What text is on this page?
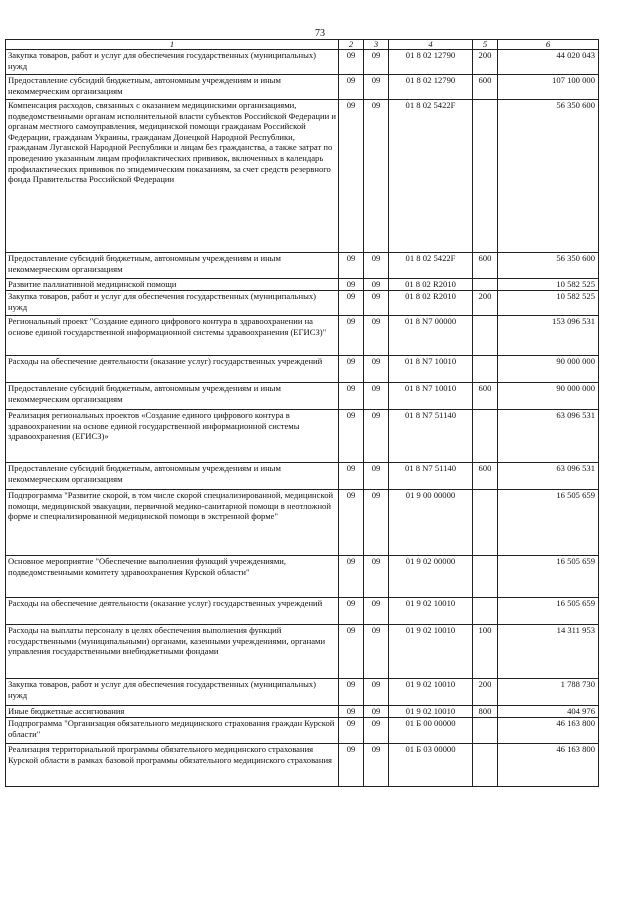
73
1	2	3	4	5	6
Закупка товаров, работ и услуг для обеспечения государственных (муниципальных) нужд	09	09	01 8 02 12790	200	44 020 043
Предоставление субсидий бюджетным, автономным учреждениям и иным некоммерческим организациям	09	09	01 8 02 12790	600	107 100 000
Компенсация расходов, связанных с оказанием медицинскими организациями, подведомственными органам исполнительной власти субъектов Российской Федерации и органам местного самоуправления, медицинской помощи гражданам Российской Федерации, гражданам Украины, гражданам Донецкой Народной Республики, гражданам Луганской Народной Республики и лицам без гражданства, а также затрат по проведению указанным лицам профилактических прививок, включенных в календарь профилактических прививок по эпидемическим показаниям, за счет средств резервного фонда Правительства Российской Федерации	09	09	01 8 02 5422F		56 350 600
Предоставление субсидий бюджетным, автономным учреждениям и иным некоммерческим организациям	09	09	01 8 02 5422F	600	56 350 600
Развитие паллиативной медицинской помощи	09	09	01 8 02 R2010		10 582 525
Закупка товаров, работ и услуг для обеспечения государственных (муниципальных) нужд	09	09	01 8 02 R2010	200	10 582 525
Региональный проект "Создание единого цифрового контура в здравоохранении на основе единой государственной информационной системы здравоохранения (ЕГИСЗ)"	09	09	01 8 N7 00000		153 096 531
Расходы на обеспечение деятельности (оказание услуг) государственных учреждений	09	09	01 8 N7 10010		90 000 000
Предоставление субсидий бюджетным, автономным учреждениям и иным некоммерческим организациям	09	09	01 8 N7 10010	600	90 000 000
Реализация региональных проектов «Создание единого цифрового контура в здравоохранении на основе единой государственной информационной системы здравоохранения (ЕГИСЗ)»	09	09	01 8 N7 51140		63 096 531
Предоставление субсидий бюджетным, автономным учреждениям и иным некоммерческим организациям	09	09	01 8 N7 51140	600	63 096 531
Подпрограмма "Развитие скорой, в том числе скорой специализированной, медицинской помощи, медицинской эвакуации, первичной медико-санитарной помощи в неотложной форме и специализированной медицинской помощи в экстренной форме"	09	09	01 9 00 00000		16 505 659
Основное мероприятие "Обеспечение выполнения функций учреждениями, подведомственными комитету здравоохранения Курской области"	09	09	01 9 02 00000		16 505 659
Расходы на обеспечение деятельности (оказание услуг) государственных учреждений	09	09	01 9 02 10010		16 505 659
Расходы на выплаты персоналу в целях обеспечения выполнения функций государственными (муниципальными) органами, казенными учреждениями, органами управления государственными внебюджетными фондами	09	09	01 9 02 10010	100	14 311 953
Закупка товаров, работ и услуг для обеспечения государственных (муниципальных) нужд	09	09	01 9 02 10010	200	1 788 730
Иные бюджетные ассигнования	09	09	01 9 02 10010	800	404 976
Подпрограмма "Организация обязательного медицинского страхования граждан Курской области"	09	09	01 Б 00 00000		46 163 800
Реализация территориальной программы обязательного медицинского страхования Курской области в рамках базовой программы обязательного медицинского страхования	09	09	01 Б 03 00000		46 163 800
